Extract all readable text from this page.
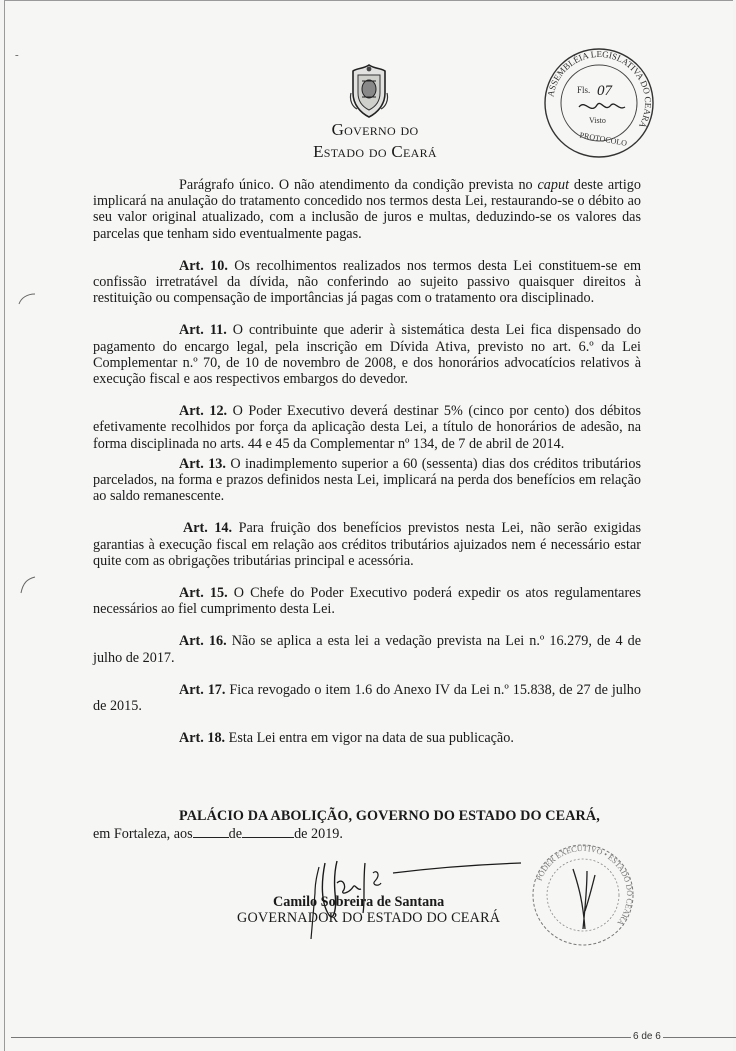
Governo do
Estado do Ceará
ASSEMBLÉIA LEGISLATIVA DO CEARÁ
Fls. 07
Visto
PROTOCOLO
-

Parágrafo único. O não atendimento da condição prevista no caput deste artigo implicará na anulação do tratamento concedido nos termos desta Lei, restaurando-se o débito ao seu valor original atualizado, com a inclusão de juros e multas, deduzindo-se os valores das parcelas que tenham sido eventualmente pagas.

Art. 10. Os recolhimentos realizados nos termos desta Lei constituem-se em confissão irretratável da dívida, não conferindo ao sujeito passivo quaisquer direitos à restituição ou compensação de importâncias já pagas com o tratamento ora disciplinado.

Art. 11. O contribuinte que aderir à sistemática desta Lei fica dispensado do pagamento do encargo legal, pela inscrição em Dívida Ativa, previsto no art. 6.º da Lei Complementar n.º 70, de 10 de novembro de 2008, e dos honorários advocatícios relativos à execução fiscal e aos respectivos embargos do devedor.

Art. 12. O Poder Executivo deverá destinar 5% (cinco por cento) dos débitos efetivamente recolhidos por força da aplicação desta Lei, a título de honorários de adesão, na forma disciplinada no arts. 44 e 45 da Complementar nº 134, de 7 de abril de 2014.

Art. 13. O inadimplemento superior a 60 (sessenta) dias dos créditos tributários parcelados, na forma e prazos definidos nesta Lei, implicará na perda dos benefícios em relação ao saldo remanescente.

Art. 14. Para fruição dos benefícios previstos nesta Lei, não serão exigidas garantias à execução fiscal em relação aos créditos tributários ajuizados nem é necessário estar quite com as obrigações tributárias principal e acessória.

Art. 15. O Chefe do Poder Executivo poderá expedir os atos regulamentares necessários ao fiel cumprimento desta Lei.

Art. 16. Não se aplica a esta lei a vedação prevista na Lei n.º 16.279, de 4 de julho de 2017.

Art. 17. Fica revogado o item 1.6 do Anexo IV da Lei n.º 15.838, de 27 de julho de 2015.

Art. 18. Esta Lei entra em vigor na data de sua publicação.

PALÁCIO DA ABOLIÇÃO, GOVERNO DO ESTADO DO CEARÁ,

em Fortaleza, aos	de	de 2019.

Camilo Sobreira de Santana
GOVERNADOR DO ESTADO DO CEARÁ
PODER EXECUTIVO • ESTADO DO CEARÁ
6 de 6
